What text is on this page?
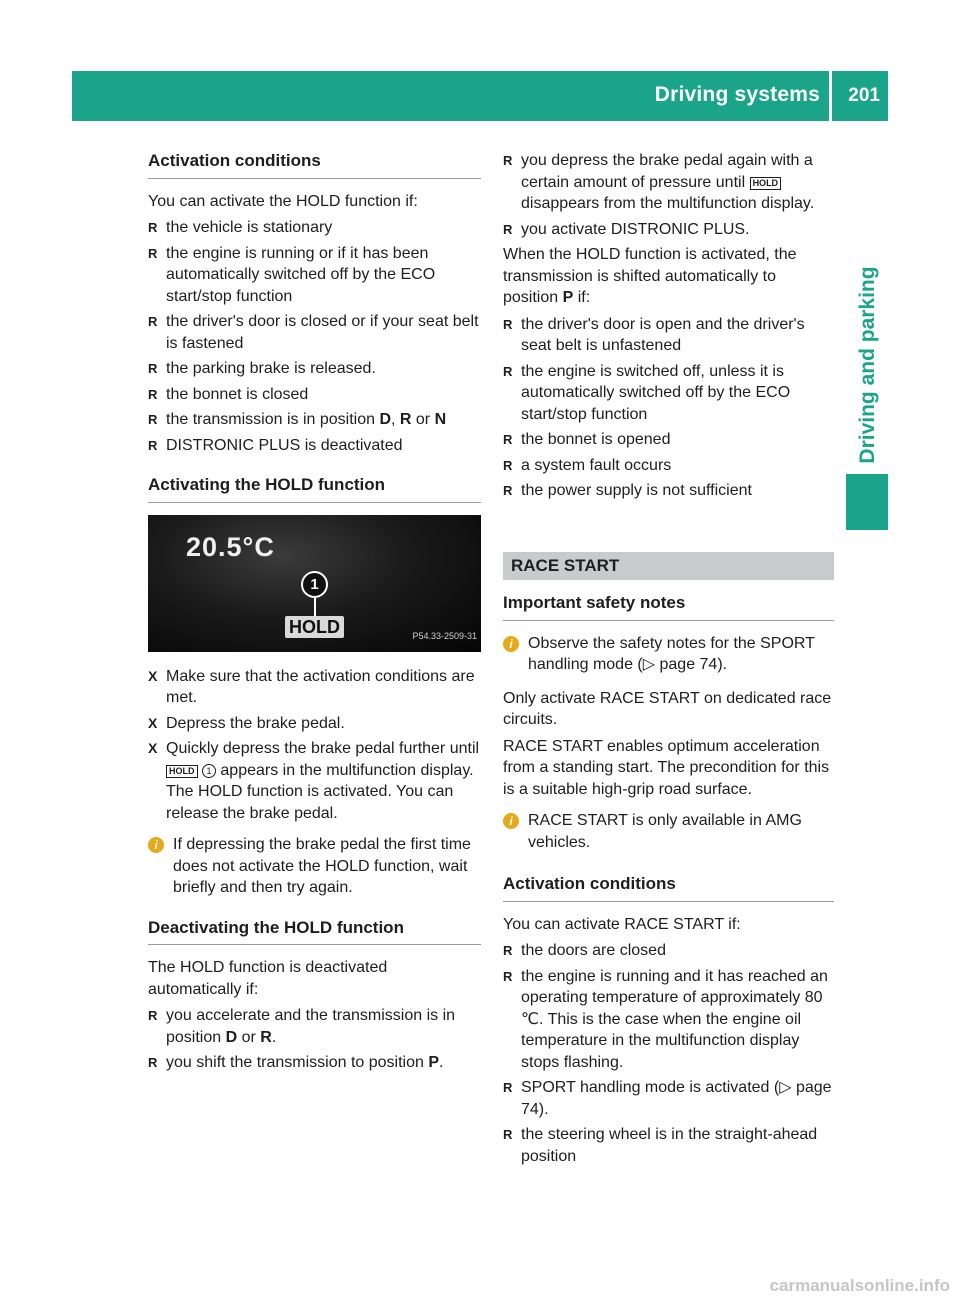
Driving systems 201
Driving and parking
Activation conditions

You can activate the HOLD function if:

R the vehicle is stationary
R the engine is running or if it has been automatically switched off by the ECO start/stop function
R the driver's door is closed or if your seat belt is fastened
R the parking brake is released.
R the bonnet is closed
R the transmission is in position D, R or N
R DISTRONIC PLUS is deactivated
Activating the HOLD function
20.5°C
1
HOLD	P54.33-2509-31
X Make sure that the activation conditions are met.
X Depress the brake pedal.
X Quickly depress the brake pedal further until HOLD 1 appears in the multifunction display.
The HOLD function is activated. You can release the brake pedal.
i If depressing the brake pedal the first time does not activate the HOLD function, wait briefly and then try again.
Deactivating the HOLD function

The HOLD function is deactivated automatically if:

R you accelerate and the transmission is in position D or R.
R you shift the transmission to position P.
R you depress the brake pedal again with a certain amount of pressure until HOLD disappears from the multifunction display.
R you activate DISTRONIC PLUS.

When the HOLD function is activated, the transmission is shifted automatically to position P if:

R the driver's door is open and the driver's seat belt is unfastened
R the engine is switched off, unless it is automatically switched off by the ECO start/stop function
R the bonnet is opened
R a system fault occurs
R the power supply is not sufficient
RACE START
Important safety notes
i Observe the safety notes for the SPORT handling mode (▷ page 74).

Only activate RACE START on dedicated race circuits.

RACE START enables optimum acceleration from a standing start. The precondition for this is a suitable high-grip road surface.

i RACE START is only available in AMG vehicles.
Activation conditions

You can activate RACE START if:

R the doors are closed
R the engine is running and it has reached an operating temperature of approximately 80 ℃. This is the case when the engine oil temperature in the multifunction display stops flashing.
R SPORT handling mode is activated (▷ page 74).
R the steering wheel is in the straight-ahead position
carmanualsonline.info
